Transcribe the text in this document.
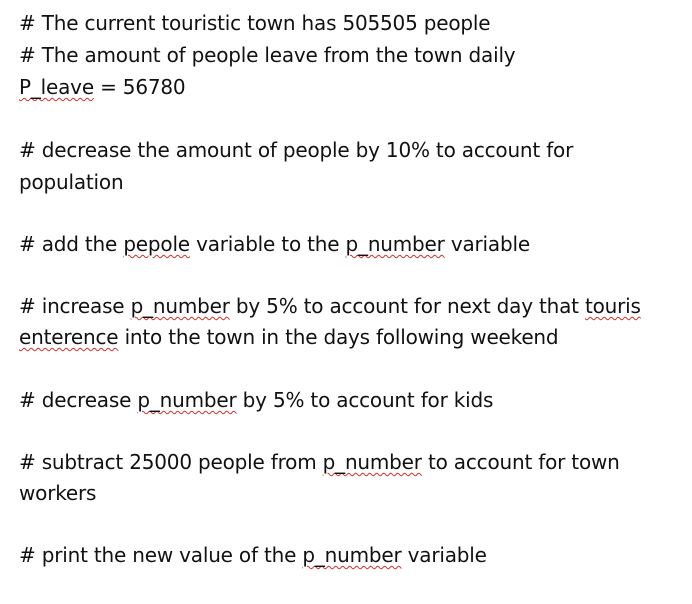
# The current touristic town has 505505 people
# The amount of people leave from the town daily
P_leave = 56780
# decrease the amount of people by 10% to account for
population
# add the pepole variable to the p_number variable
# increase p_number by 5% to account for next day that touris
enterence into the town in the days following weekend
# decrease p_number by 5% to account for kids
# subtract 25000 people from p_number to account for town
workers
# print the new value of the p_number variable
